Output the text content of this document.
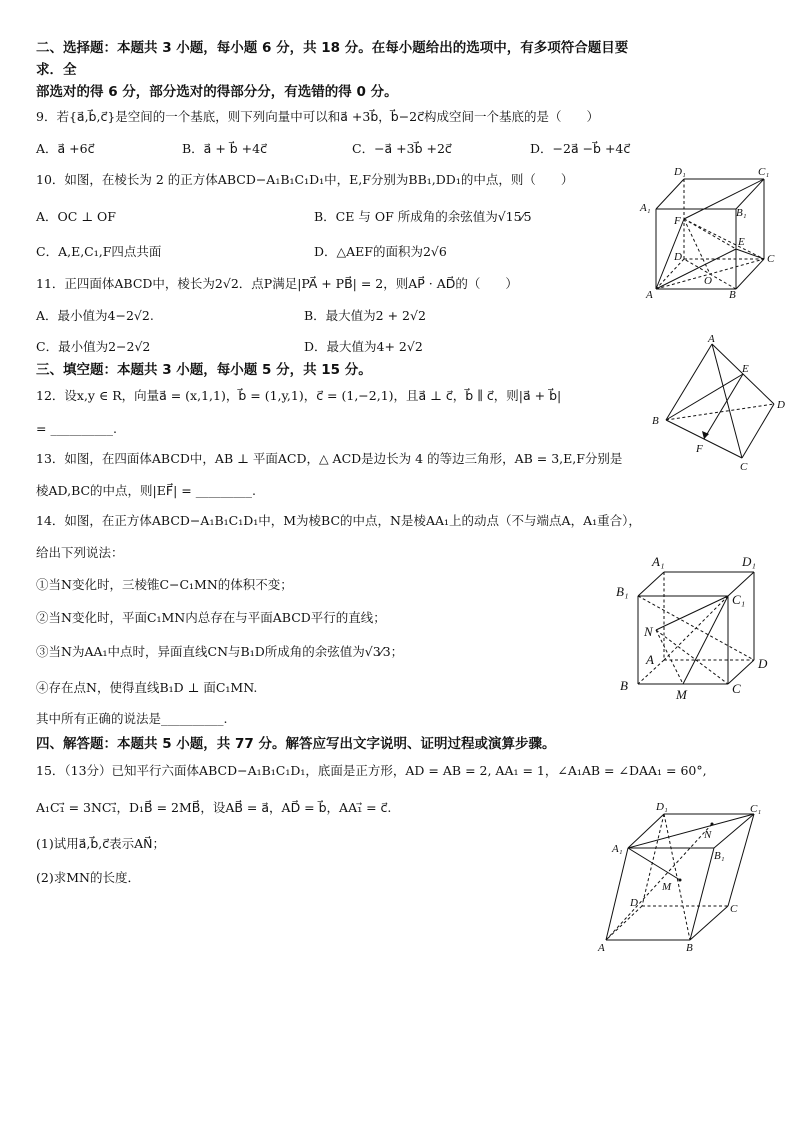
二、选择题：本题共 3 小题，每小题 6 分，共 18 分。在每小题给出的选项中，有多项符合题目要
求．全
部选对的得 6 分，部分选对的得部分分，有选错的得 0 分。
9．若{a⃗,b⃗,c⃗}是空间的一个基底，则下列向量中可以和a⃗ +3b⃗，b⃗−2c⃗构成空间一个基底的是（　　）
A．a⃗ +6c⃗	B．a⃗ + b⃗ +4c⃗	C．−a⃗ +3b⃗ +2c⃗	D．−2a⃗ −b⃗ +4c⃗
10．如图，在棱长为 2 的正方体ABCD−A₁B₁C₁D₁中，E,F分别为BB₁,DD₁的中点，则（　　）
A．OC ⊥ OF	B．CE 与 OF 所成角的余弦值为√15⁄5
C．A,E,C₁,F四点共面	D．△AEF的面积为2√6
11．正四面体ABCD中，棱长为2√2．点P满足|PA⃗ + PB⃗| = 2，则AP⃗ · AD⃗的（　　）
A．最小值为4−2√2.	B．最大值为2 + 2√2
C．最小值为2−2√2	D．最大值为4+ 2√2
三、填空题：本题共 3 小题，每小题 5 分，共 15 分。
12．设x,y ∈ R，向量a⃗ = (x,1,1)，b⃗ = (1,y,1)，c⃗ = (1,−2,1)，且a⃗ ⊥ c⃗，b⃗ ∥ c⃗，则|a⃗ + b⃗|
= __________.
13．如图，在四面体ABCD中，AB ⊥ 平面ACD，△ ACD是边长为 4 的等边三角形，AB = 3,E,F分别是
棱AD,BC的中点，则|EF⃗| = _________.
14．如图，在正方体ABCD−A₁B₁C₁D₁中，M为棱BC的中点，N是棱AA₁上的动点（不与端点A，A₁重合），
给出下列说法：
①当N变化时，三棱锥C−C₁MN的体积不变；
②当N变化时，平面C₁MN内总存在与平面ABCD平行的直线；
③当N为AA₁中点时，异面直线CN与B₁D所成角的余弦值为√3⁄3；
④存在点N，使得直线B₁D ⊥ 面C₁MN.
其中所有正确的说法是__________.
四、解答题：本题共 5 小题，共 77 分。解答应写出文字说明、证明过程或演算步骤。
15．（13分）已知平行六面体ABCD−A₁B₁C₁D₁，底面是正方形，AD = AB = 2, AA₁ = 1，∠A₁AB = ∠DAA₁ = 60°,
A₁C₁⃗ = 3NC₁⃗，D₁B⃗ = 2MB⃗，设AB⃗ = a⃗，AD⃗ = b⃗，AA₁⃗ = c⃗.
(1)试用a⃗,b⃗,c⃗表示AN⃗；
(2)求MN的长度．
D₁	C₁
A₁	B₁
F
E
D	C
O
A	B
A
E
D
B
F
C
A₁	D₁
B₁
C₁
N
A	D
B
M	C
D₁	C₁
N
A₁
B₁
M
D	C
A	B
